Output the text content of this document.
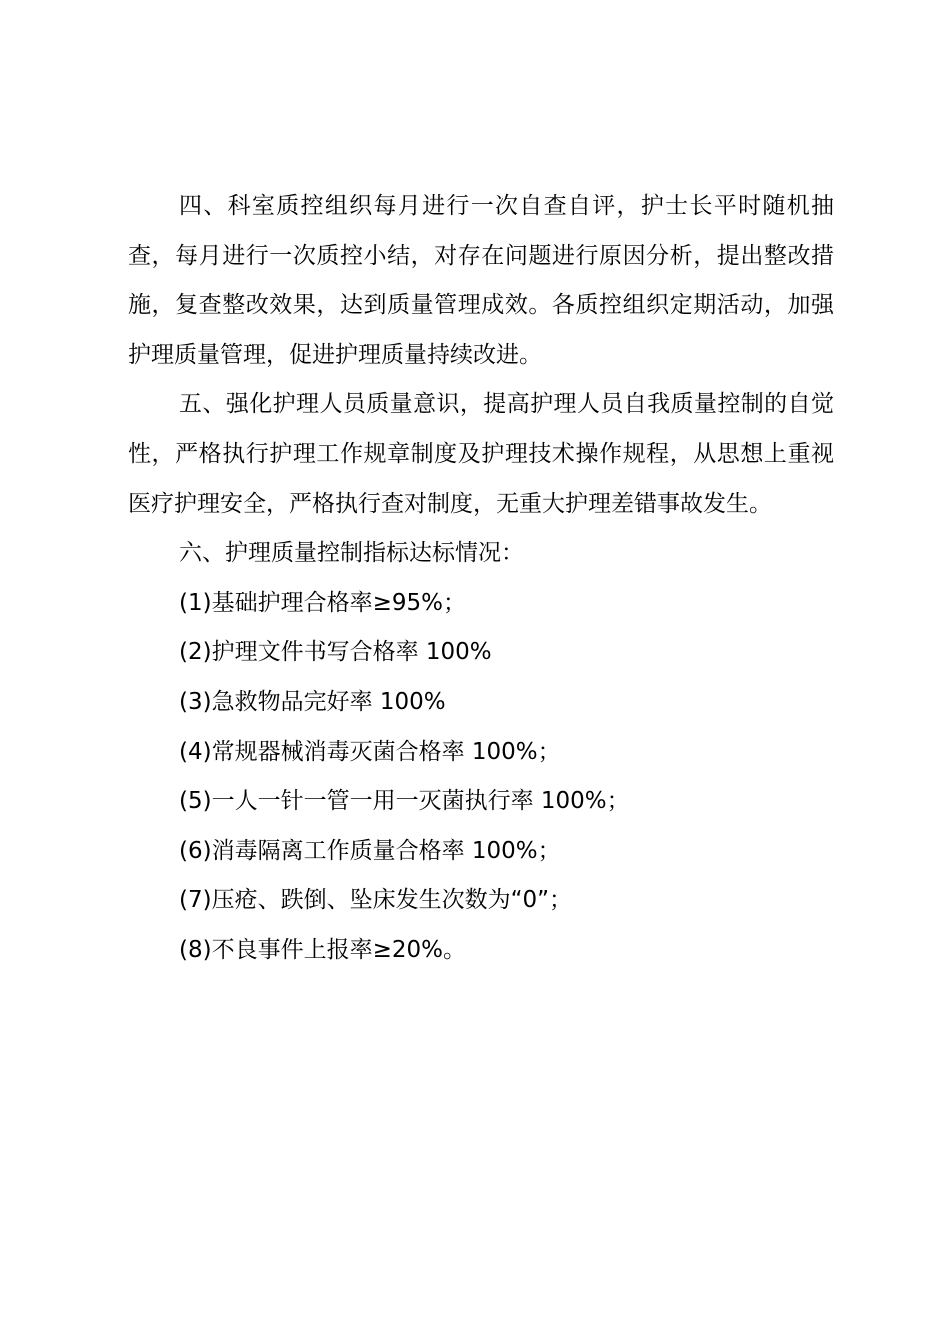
四、科室质控组织每月进行一次自查自评，护士长平时随机抽查，每月进行一次质控小结，对存在问题进行原因分析，提出整改措施，复查整改效果，达到质量管理成效。各质控组织定期活动，加强护理质量管理，促进护理质量持续改进。

五、强化护理人员质量意识，提高护理人员自我质量控制的自觉性，严格执行护理工作规章制度及护理技术操作规程，从思想上重视医疗护理安全，严格执行查对制度，无重大护理差错事故发生。

六、护理质量控制指标达标情况：

(1)基础护理合格率≥95%；
(2)护理文件书写合格率 100%
(3)急救物品完好率 100%
(4)常规器械消毒灭菌合格率 100%；
(5)一人一针一管一用一灭菌执行率 100%；
(6)消毒隔离工作质量合格率 100%；
(7)压疮、跌倒、坠床发生次数为“0”；
(8)不良事件上报率≥20%。
